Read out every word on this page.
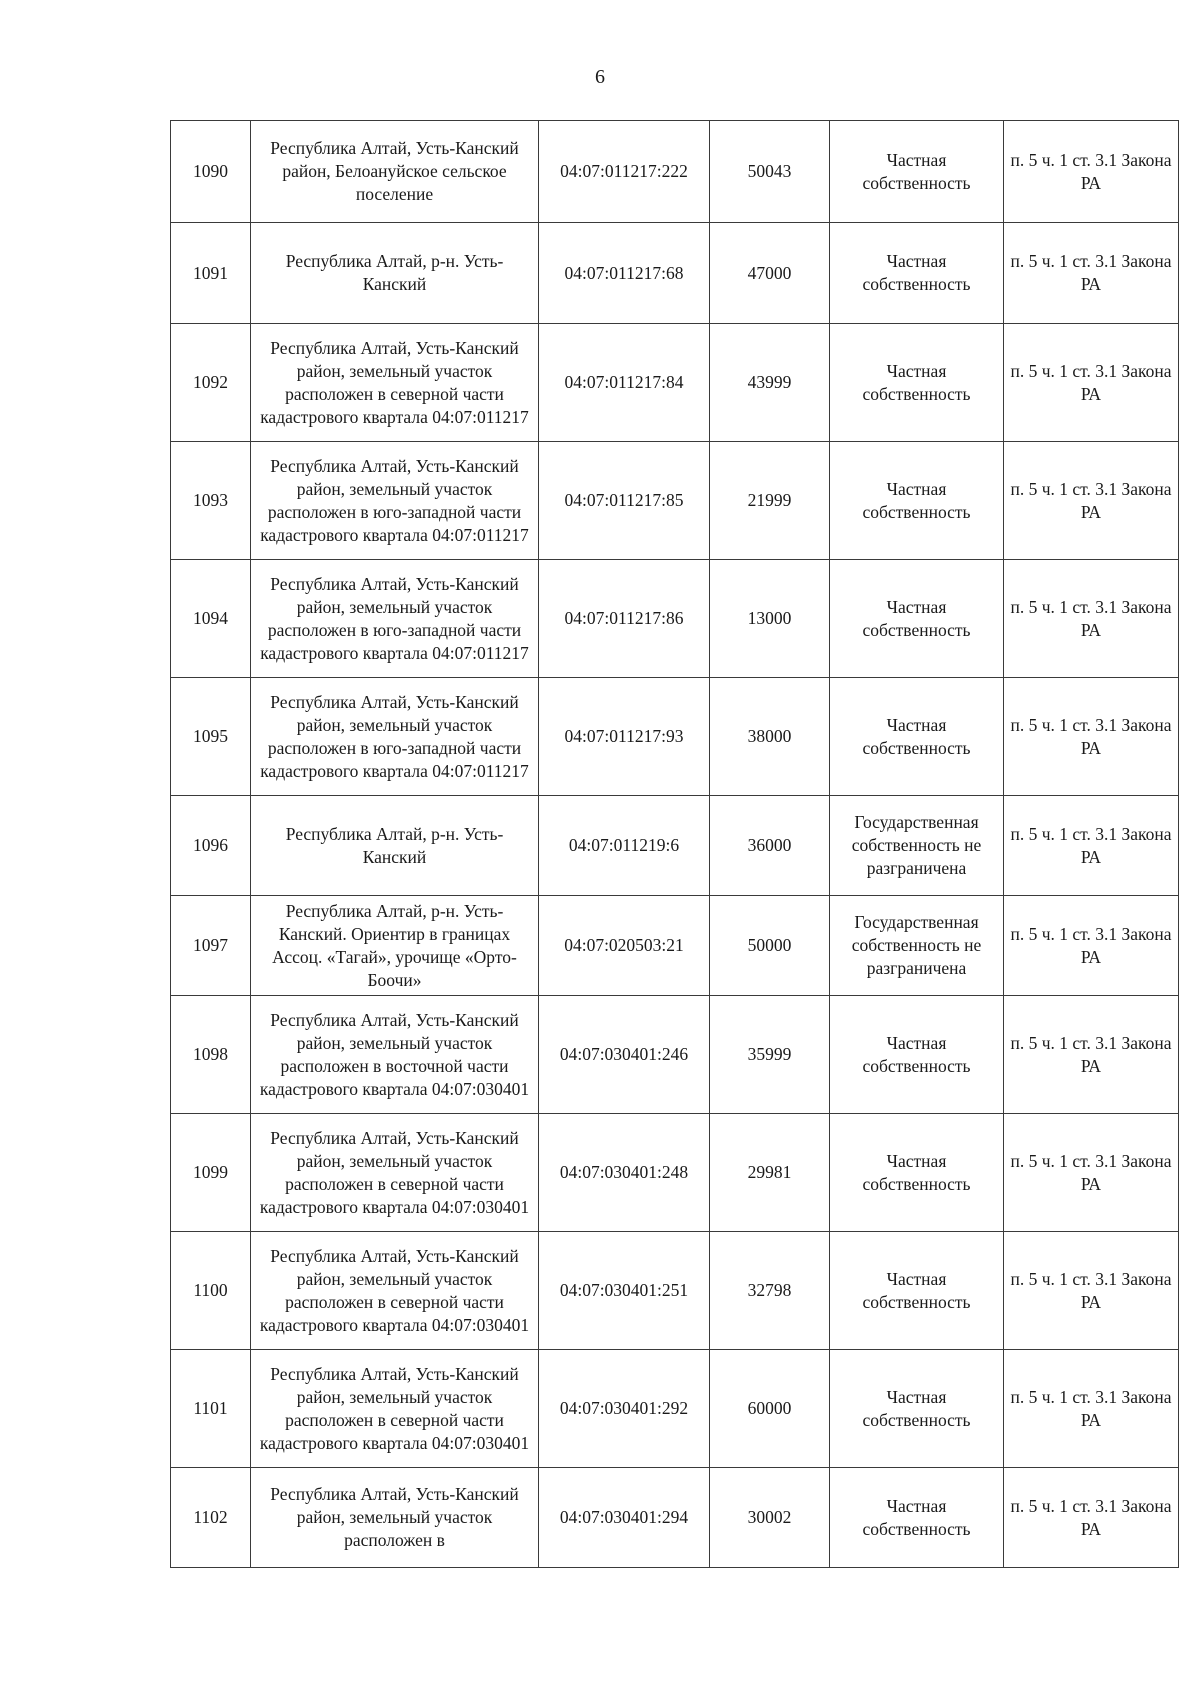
6
1090	Республика Алтай, Усть-Канский район, Белоануйское сельское поселение	04:07:011217:222	50043	Частная собственность	п. 5 ч. 1 ст. 3.1 Закона РА
1091	Республика Алтай, р-н. Усть-Канский	04:07:011217:68	47000	Частная собственность	п. 5 ч. 1 ст. 3.1 Закона РА
1092	Республика Алтай, Усть-Канский район, земельный участок расположен в северной части кадастрового квартала 04:07:011217	04:07:011217:84	43999	Частная собственность	п. 5 ч. 1 ст. 3.1 Закона РА
1093	Республика Алтай, Усть-Канский район, земельный участок расположен в юго-западной части кадастрового квартала 04:07:011217	04:07:011217:85	21999	Частная собственность	п. 5 ч. 1 ст. 3.1 Закона РА
1094	Республика Алтай, Усть-Канский район, земельный участок расположен в юго-западной части кадастрового квартала 04:07:011217	04:07:011217:86	13000	Частная собственность	п. 5 ч. 1 ст. 3.1 Закона РА
1095	Республика Алтай, Усть-Канский район, земельный участок расположен в юго-западной части кадастрового квартала 04:07:011217	04:07:011217:93	38000	Частная собственность	п. 5 ч. 1 ст. 3.1 Закона РА
1096	Республика Алтай, р-н. Усть-Канский	04:07:011219:6	36000	Государственная собственность не разграничена	п. 5 ч. 1 ст. 3.1 Закона РА
1097	Республика Алтай, р-н. Усть-Канский. Ориентир в границах Ассоц. «Тагай», урочище «Орто-Боочи»	04:07:020503:21	50000	Государственная собственность не разграничена	п. 5 ч. 1 ст. 3.1 Закона РА
1098	Республика Алтай, Усть-Канский район, земельный участок расположен в восточной части кадастрового квартала 04:07:030401	04:07:030401:246	35999	Частная собственность	п. 5 ч. 1 ст. 3.1 Закона РА
1099	Республика Алтай, Усть-Канский район, земельный участок расположен в северной части кадастрового квартала 04:07:030401	04:07:030401:248	29981	Частная собственность	п. 5 ч. 1 ст. 3.1 Закона РА
1100	Республика Алтай, Усть-Канский район, земельный участок расположен в северной части кадастрового квартала 04:07:030401	04:07:030401:251	32798	Частная собственность	п. 5 ч. 1 ст. 3.1 Закона РА
1101	Республика Алтай, Усть-Канский район, земельный участок расположен в северной части кадастрового квартала 04:07:030401	04:07:030401:292	60000	Частная собственность	п. 5 ч. 1 ст. 3.1 Закона РА
1102	Республика Алтай, Усть-Канский район, земельный участок расположен в	04:07:030401:294	30002	Частная собственность	п. 5 ч. 1 ст. 3.1 Закона РА
